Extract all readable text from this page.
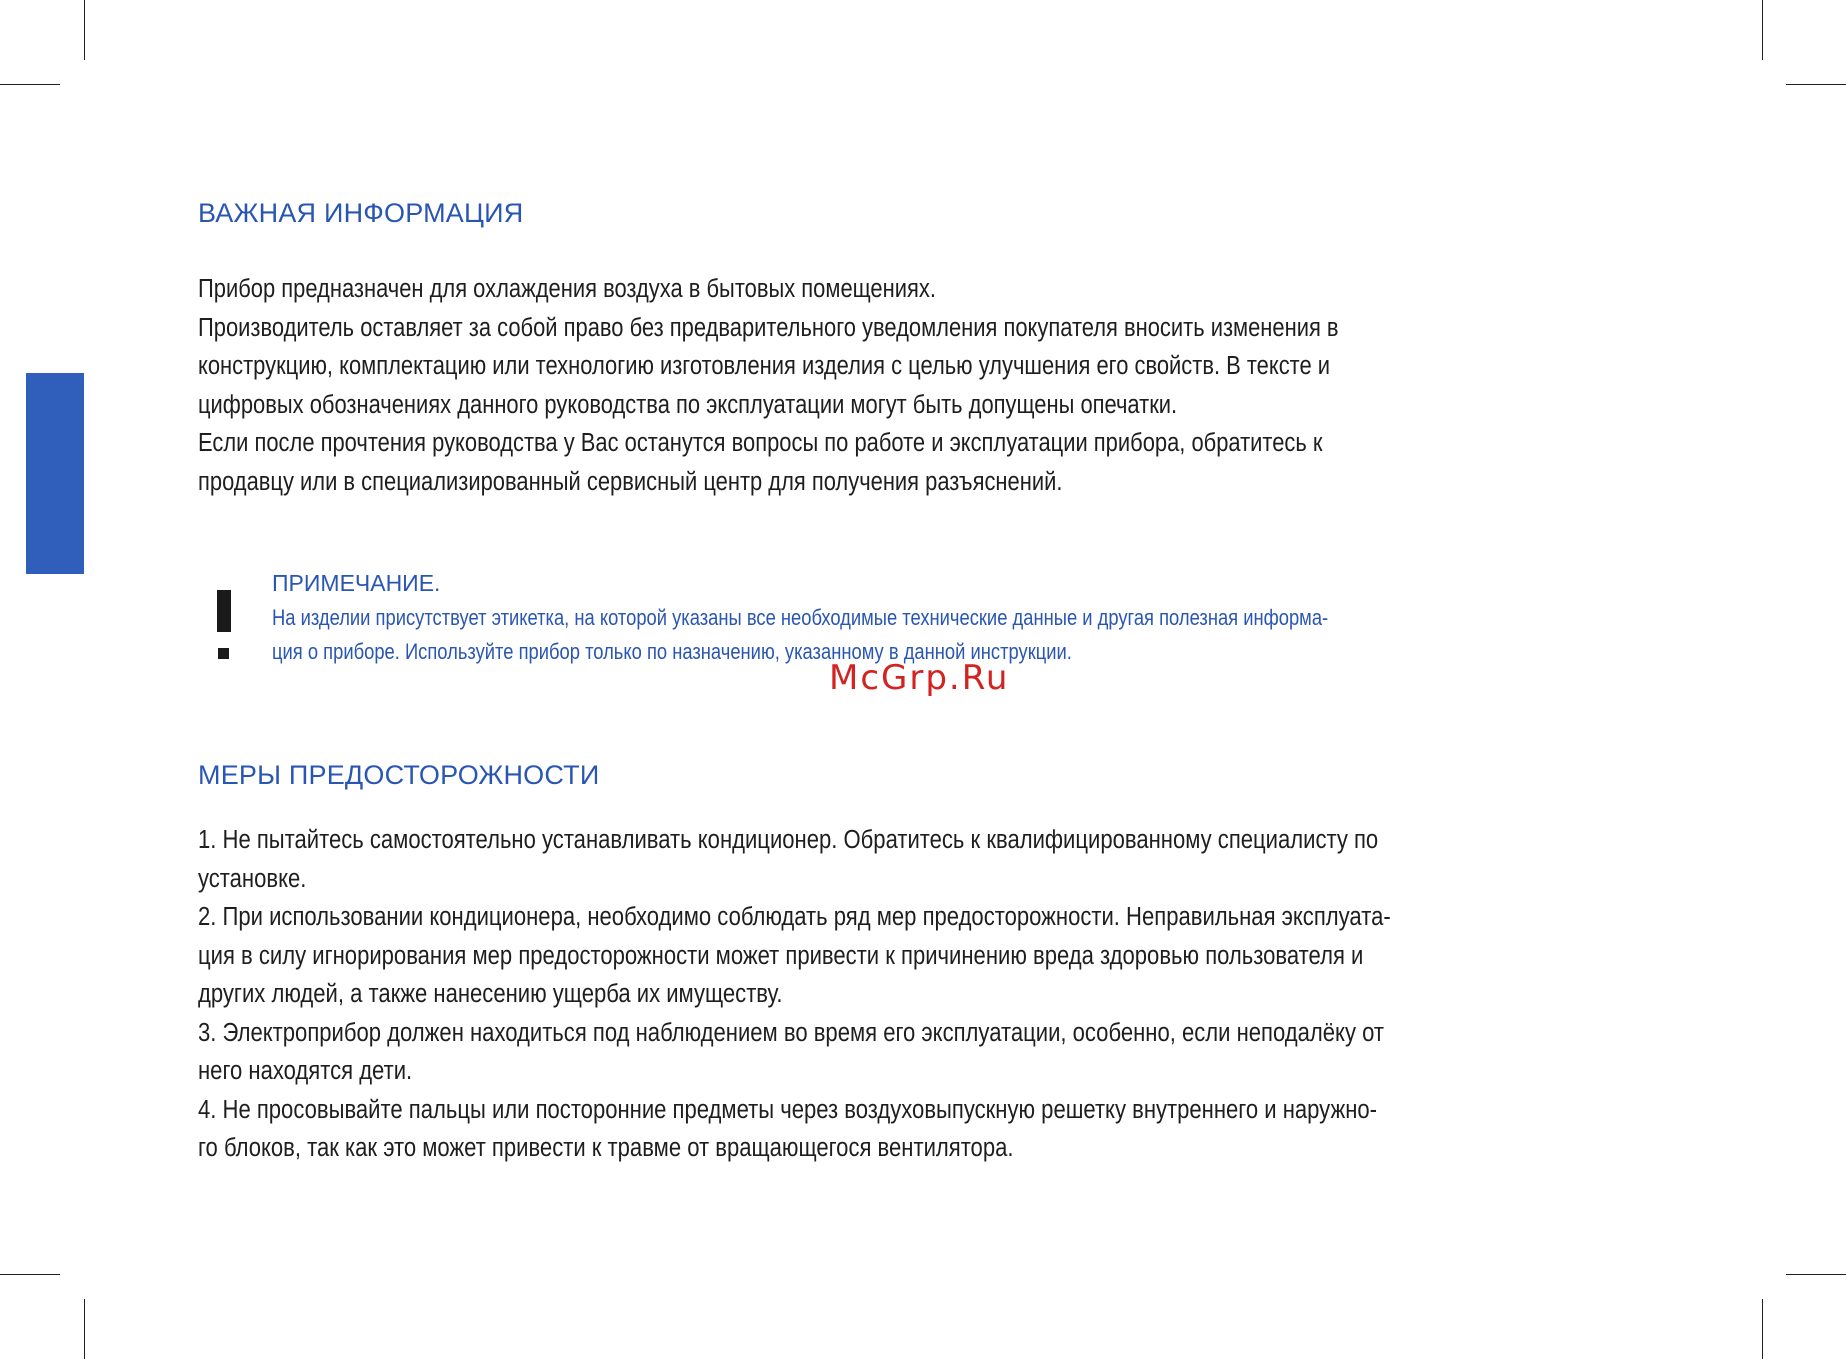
ВАЖНАЯ ИНФОРМАЦИЯ

Прибор предназначен для охлаждения воздуха в бытовых помещениях.

Производитель оставляет за собой право без предварительного уведомления покупателя вносить изменения в

конструкцию, комплектацию или технологию изготовления изделия с целью улучшения его свойств. В тексте и

цифровых обозначениях данного руководства по эксплуатации могут быть допущены опечатки.

Если после прочтения руководства у Вас останутся вопросы по работе и эксплуатации прибора, обратитесь к

продавцу или в специализированный сервисный центр для получения разъяснений.

ПРИМЕЧАНИЕ.

На изделии присутствует этикетка, на которой указаны все необходимые технические данные и другая полезная информа-

ция о приборе. Используйте прибор только по назначению, указанному в данной инструкции.

McGrp.Ru
МЕРЫ ПРЕДОСТОРОЖНОСТИ

1. Не пытайтесь самостоятельно устанавливать кондиционер. Обратитесь к квалифицированному специалисту по

установке.

2. При использовании кондиционера, необходимо соблюдать ряд мер предосторожности. Неправильная эксплуата-

ция в силу игнорирования мер предосторожности может привести к причинению вреда здоровью пользователя и

других людей, а также нанесению ущерба их имуществу.

3. Электроприбор должен находиться под наблюдением во время его эксплуатации, особенно, если неподалёку от

него находятся дети.

4. Не просовывайте пальцы или посторонние предметы через воздуховыпускную решетку внутреннего и наружно-

го блоков, так как это может привести к травме от вращающегося вентилятора.
